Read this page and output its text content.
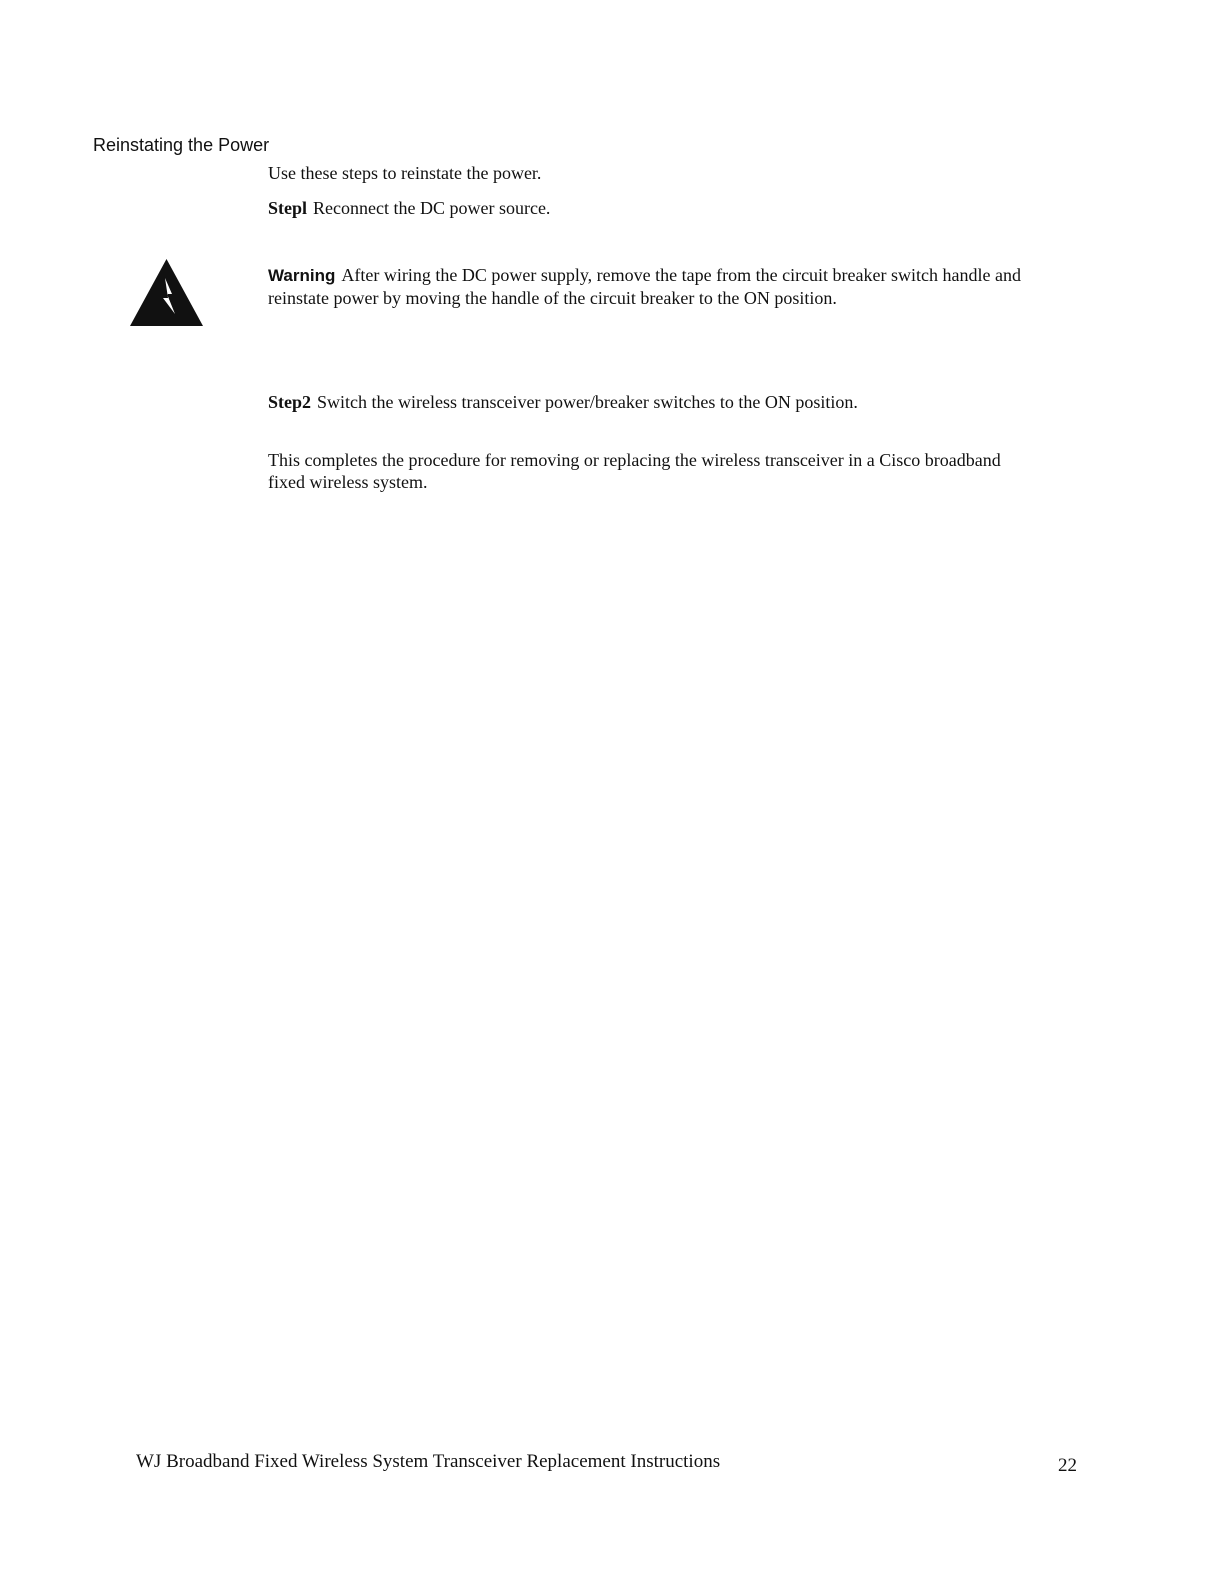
Reinstating the Power
Use these steps to reinstate the power.
Stepl Reconnect the DC power source.
Warning After wiring the DC power supply, remove the tape from the circuit breaker switch handle and reinstate power by moving the handle of the circuit breaker to the ON position.
Step2 Switch the wireless transceiver power/breaker switches to the ON position.
This completes the procedure for removing or replacing the wireless transceiver in a Cisco broadband fixed wireless system.
WJ Broadband Fixed Wireless System Transceiver Replacement Instructions	22
